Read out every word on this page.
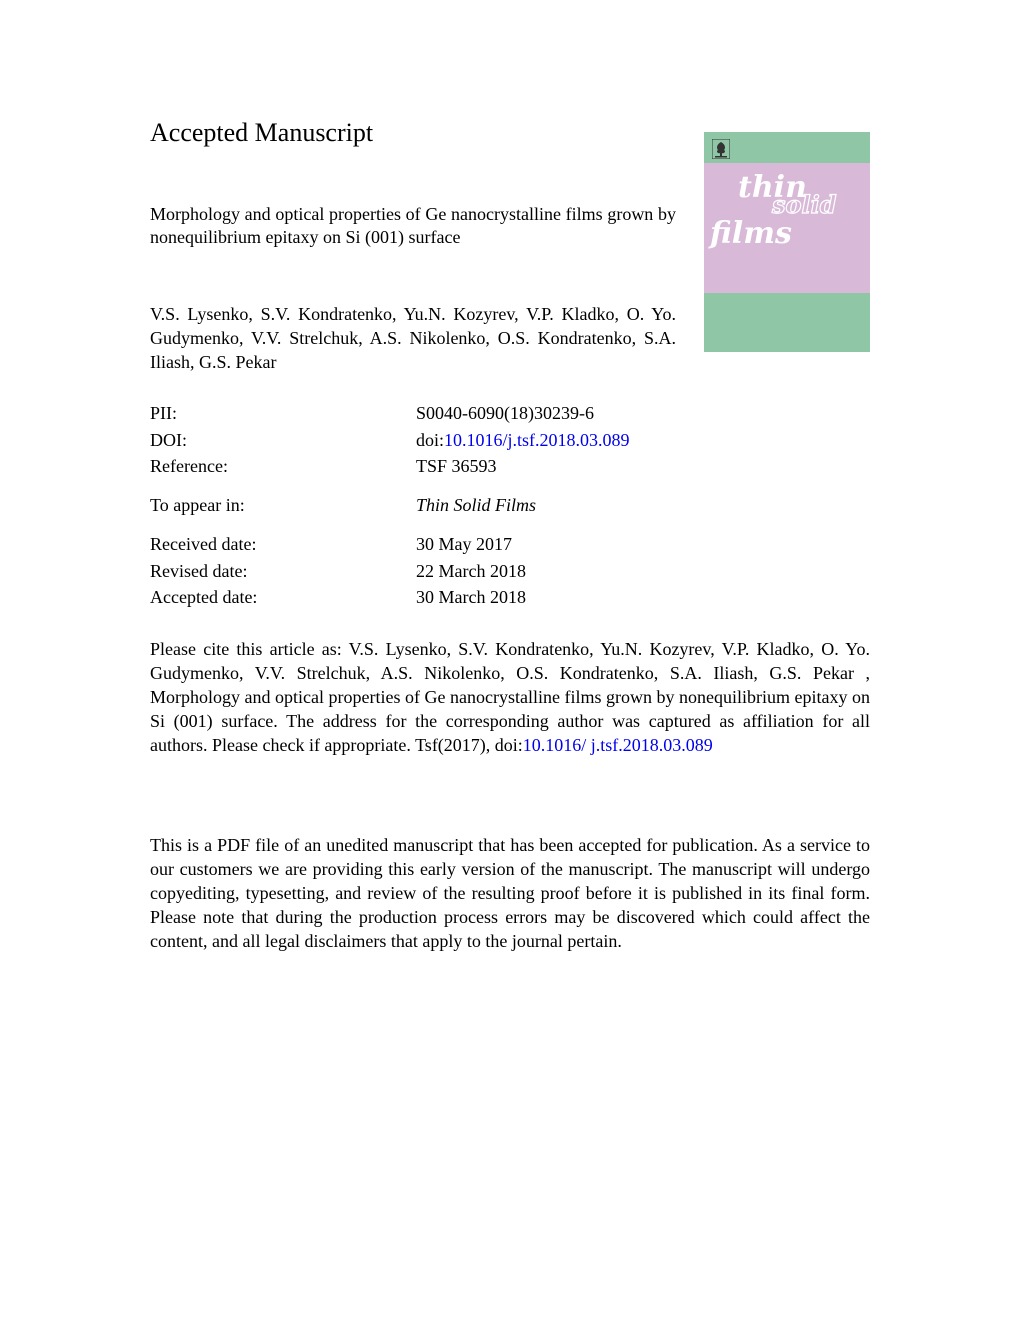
Accepted Manuscript
Morphology and optical properties of Ge nanocrystalline films grown by nonequilibrium epitaxy on Si (001) surface
V.S. Lysenko, S.V. Kondratenko, Yu.N. Kozyrev, V.P. Kladko, O. Yo. Gudymenko, V.V. Strelchuk, A.S. Nikolenko, O.S. Kondratenko, S.A. Iliash, G.S. Pekar
thin
solid
films
PII:	S0040-6090(18)30239-6
DOI:	doi:10.1016/j.tsf.2018.03.089
Reference:	TSF 36593
To appear in:	Thin Solid Films
Received date:	30 May 2017
Revised date:	22 March 2018
Accepted date:	30 March 2018
Please cite this article as: V.S. Lysenko, S.V. Kondratenko, Yu.N. Kozyrev, V.P. Kladko, O. Yo. Gudymenko, V.V. Strelchuk, A.S. Nikolenko, O.S. Kondratenko, S.A. Iliash, G.S. Pekar , Morphology and optical properties of Ge nanocrystalline films grown by nonequilibrium epitaxy on Si (001) surface. The address for the corresponding author was captured as affiliation for all authors. Please check if appropriate. Tsf(2017), doi:10.1016/ j.tsf.2018.03.089
This is a PDF file of an unedited manuscript that has been accepted for publication. As a service to our customers we are providing this early version of the manuscript. The manuscript will undergo copyediting, typesetting, and review of the resulting proof before it is published in its final form. Please note that during the production process errors may be discovered which could affect the content, and all legal disclaimers that apply to the journal pertain.
